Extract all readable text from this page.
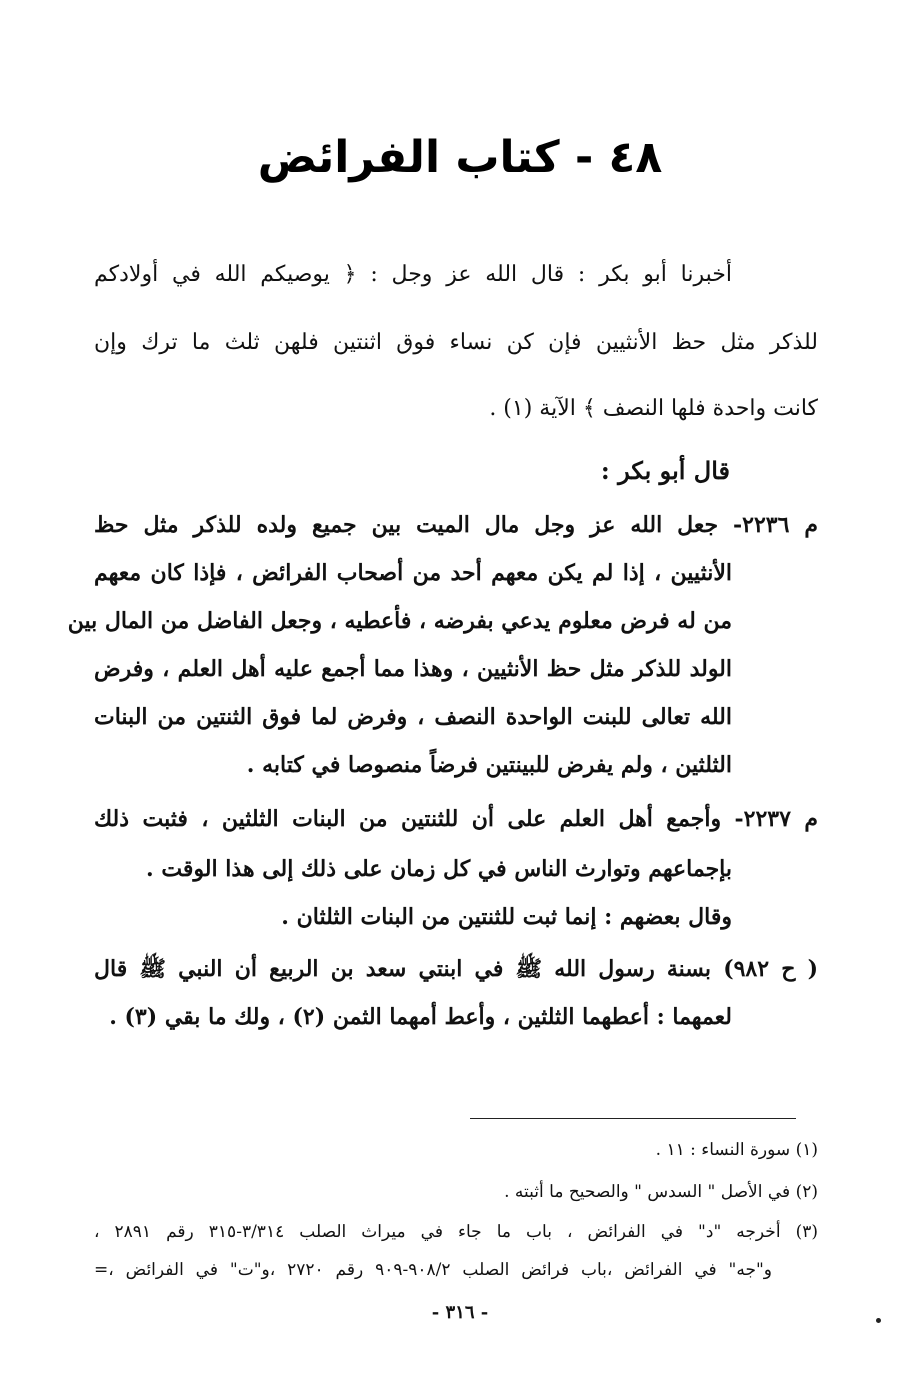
٤٨ - كتاب الفرائض
أخبرنا أبو بكر : قال الله عز وجل : ﴿ يوصيكم الله في أولادكم
للذكر مثل حظ الأنثيين فإن كن نساء فوق اثنتين فلهن ثلث ما ترك وإن
كانت واحدة فلها النصف ﴾ الآية (١) .
قال أبو بكر :
م ٢٢٣٦- جعل الله عز وجل مال الميت بين جميع ولده للذكر مثل حظ
الأنثيين ، إذا لم يكن معهم أحد من أصحاب الفرائض ، فإذا كان معهم
من له فرض معلوم يدعي بفرضه ، فأعطيه ، وجعل الفاضل من المال بين
الولد للذكر مثل حظ الأنثيين ، وهذا مما أجمع عليه أهل العلم ، وفرض
الله تعالى للبنت الواحدة النصف ، وفرض لما فوق الثنتين من البنات
الثلثين ، ولم يفرض للبينتين فرضاً منصوصا في كتابه .
م ٢٢٣٧- وأجمع أهل العلم على أن للثنتين من البنات الثلثين ، فثبت ذلك
بإجماعهم وتوارث الناس في كل زمان على ذلك إلى هذا الوقت .
وقال بعضهم : إنما ثبت للثنتين من البنات الثلثان .
( ح ٩٨٢) بسنة رسول الله ﷺ في ابنتي سعد بن الربيع أن النبي ﷺ قال
لعمهما : أعطهما الثلثين ، وأعط أمهما الثمن (٢) ، ولك ما بقي (٣) .
(١) سورة النساء : ١١ .
(٢) في الأصل " السدس " والصحيح ما أثبته .
(٣) أخرجه "د" في الفرائض ، باب ما جاء في ميراث الصلب ٣/٣١٤-٣١٥ رقم ٢٨٩١ ،
و"جه" في الفرائض ،باب فرائض الصلب ٩٠٨/٢-٩٠٩ رقم ٢٧٢٠ ،و"ت" في الفرائض ،=
- ٣١٦ -
